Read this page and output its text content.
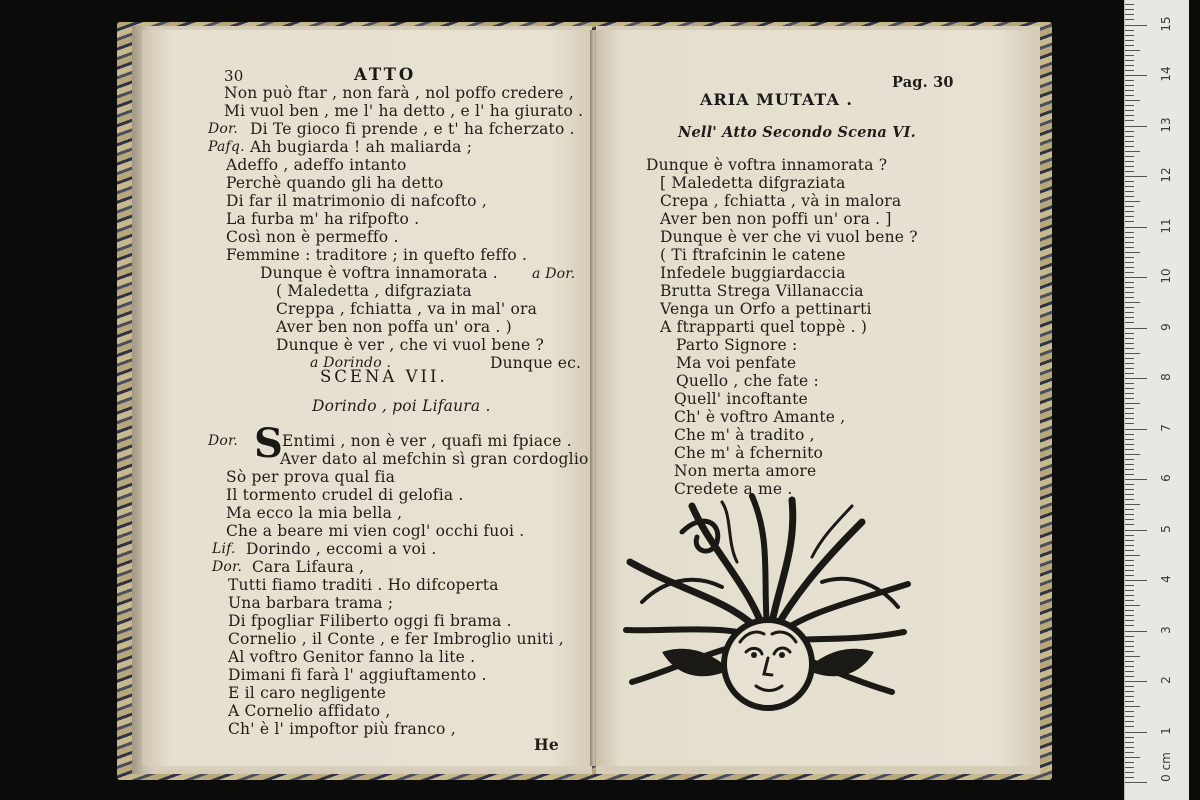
30	ATTO
Non può ftar , non farà , nol poffo credere ,
Mi vuol ben , me l' ha detto , e l' ha giurato .
Dor. Di Te gioco fi prende , e t' ha fcherzato .
Pafq. Ah bugiarda ! ah maliarda ;
Adeffo , adeffo intanto
Perchè quando gli ha detto
Di far il matrimonio di nafcofto ,
La furba m' ha rifpofto .
Così non è permeffo .
Femmine : traditore ; in quefto feffo .
Dunque è voftra innamorata . a Dor.
( Maledetta , difgraziata
Creppa , fchiatta , va in mal' ora
Aver ben non poffa un' ora . )
Dunque è ver , che vi vuol bene ?
a Dorindo .	Dunque ec.
SCENA VII.
Dorindo , poi Lifaura .
Dor. S Entimi , non è ver , quafi mi fpiace .
Aver dato al mefchin sì gran cordoglio
Sò per prova qual fia
Il tormento crudel di gelofia .
Ma ecco la mia bella ,
Che a beare mi vien cogl' occhi fuoi .
Lif. Dorindo , eccomi a voi .
Dor. Cara Lifaura ,
Tutti fiamo traditi . Ho difcoperta
Una barbara trama ;
Di fpogliar Filiberto oggi fi brama .
Cornelio , il Conte , e fer Imbroglio uniti ,
Al voftro Genitor fanno la lite .
Dimani fi farà l' aggiuftamento .
E il caro negligente
A Cornelio affidato ,
Ch' è l' impoftor più franco ,
He
Pag. 30
ARIA MUTATA .
Nell' Atto Secondo Scena VI.
Dunque è voftra innamorata ?
[ Maledetta difgraziata
Crepa , fchiatta , và in malora
Aver ben non poffi un' ora . ]
Dunque è ver che vi vuol bene ?
( Ti ftrafcinin le catene
Infedele buggiardaccia
Brutta Strega Villanaccia
Venga un Orfo a pettinarti
A ftrapparti quel toppè . )
Parto Signore :
Ma voi penfate
Quello , che fate :
Quell' incoftante
Ch' è voftro Amante ,
Che m' à tradito ,
Che m' à fchernito
Non merta amore
Credete a me .
0 cm
1
2
3
4
5
6
7
8
9
10
11
12
13
14
15
